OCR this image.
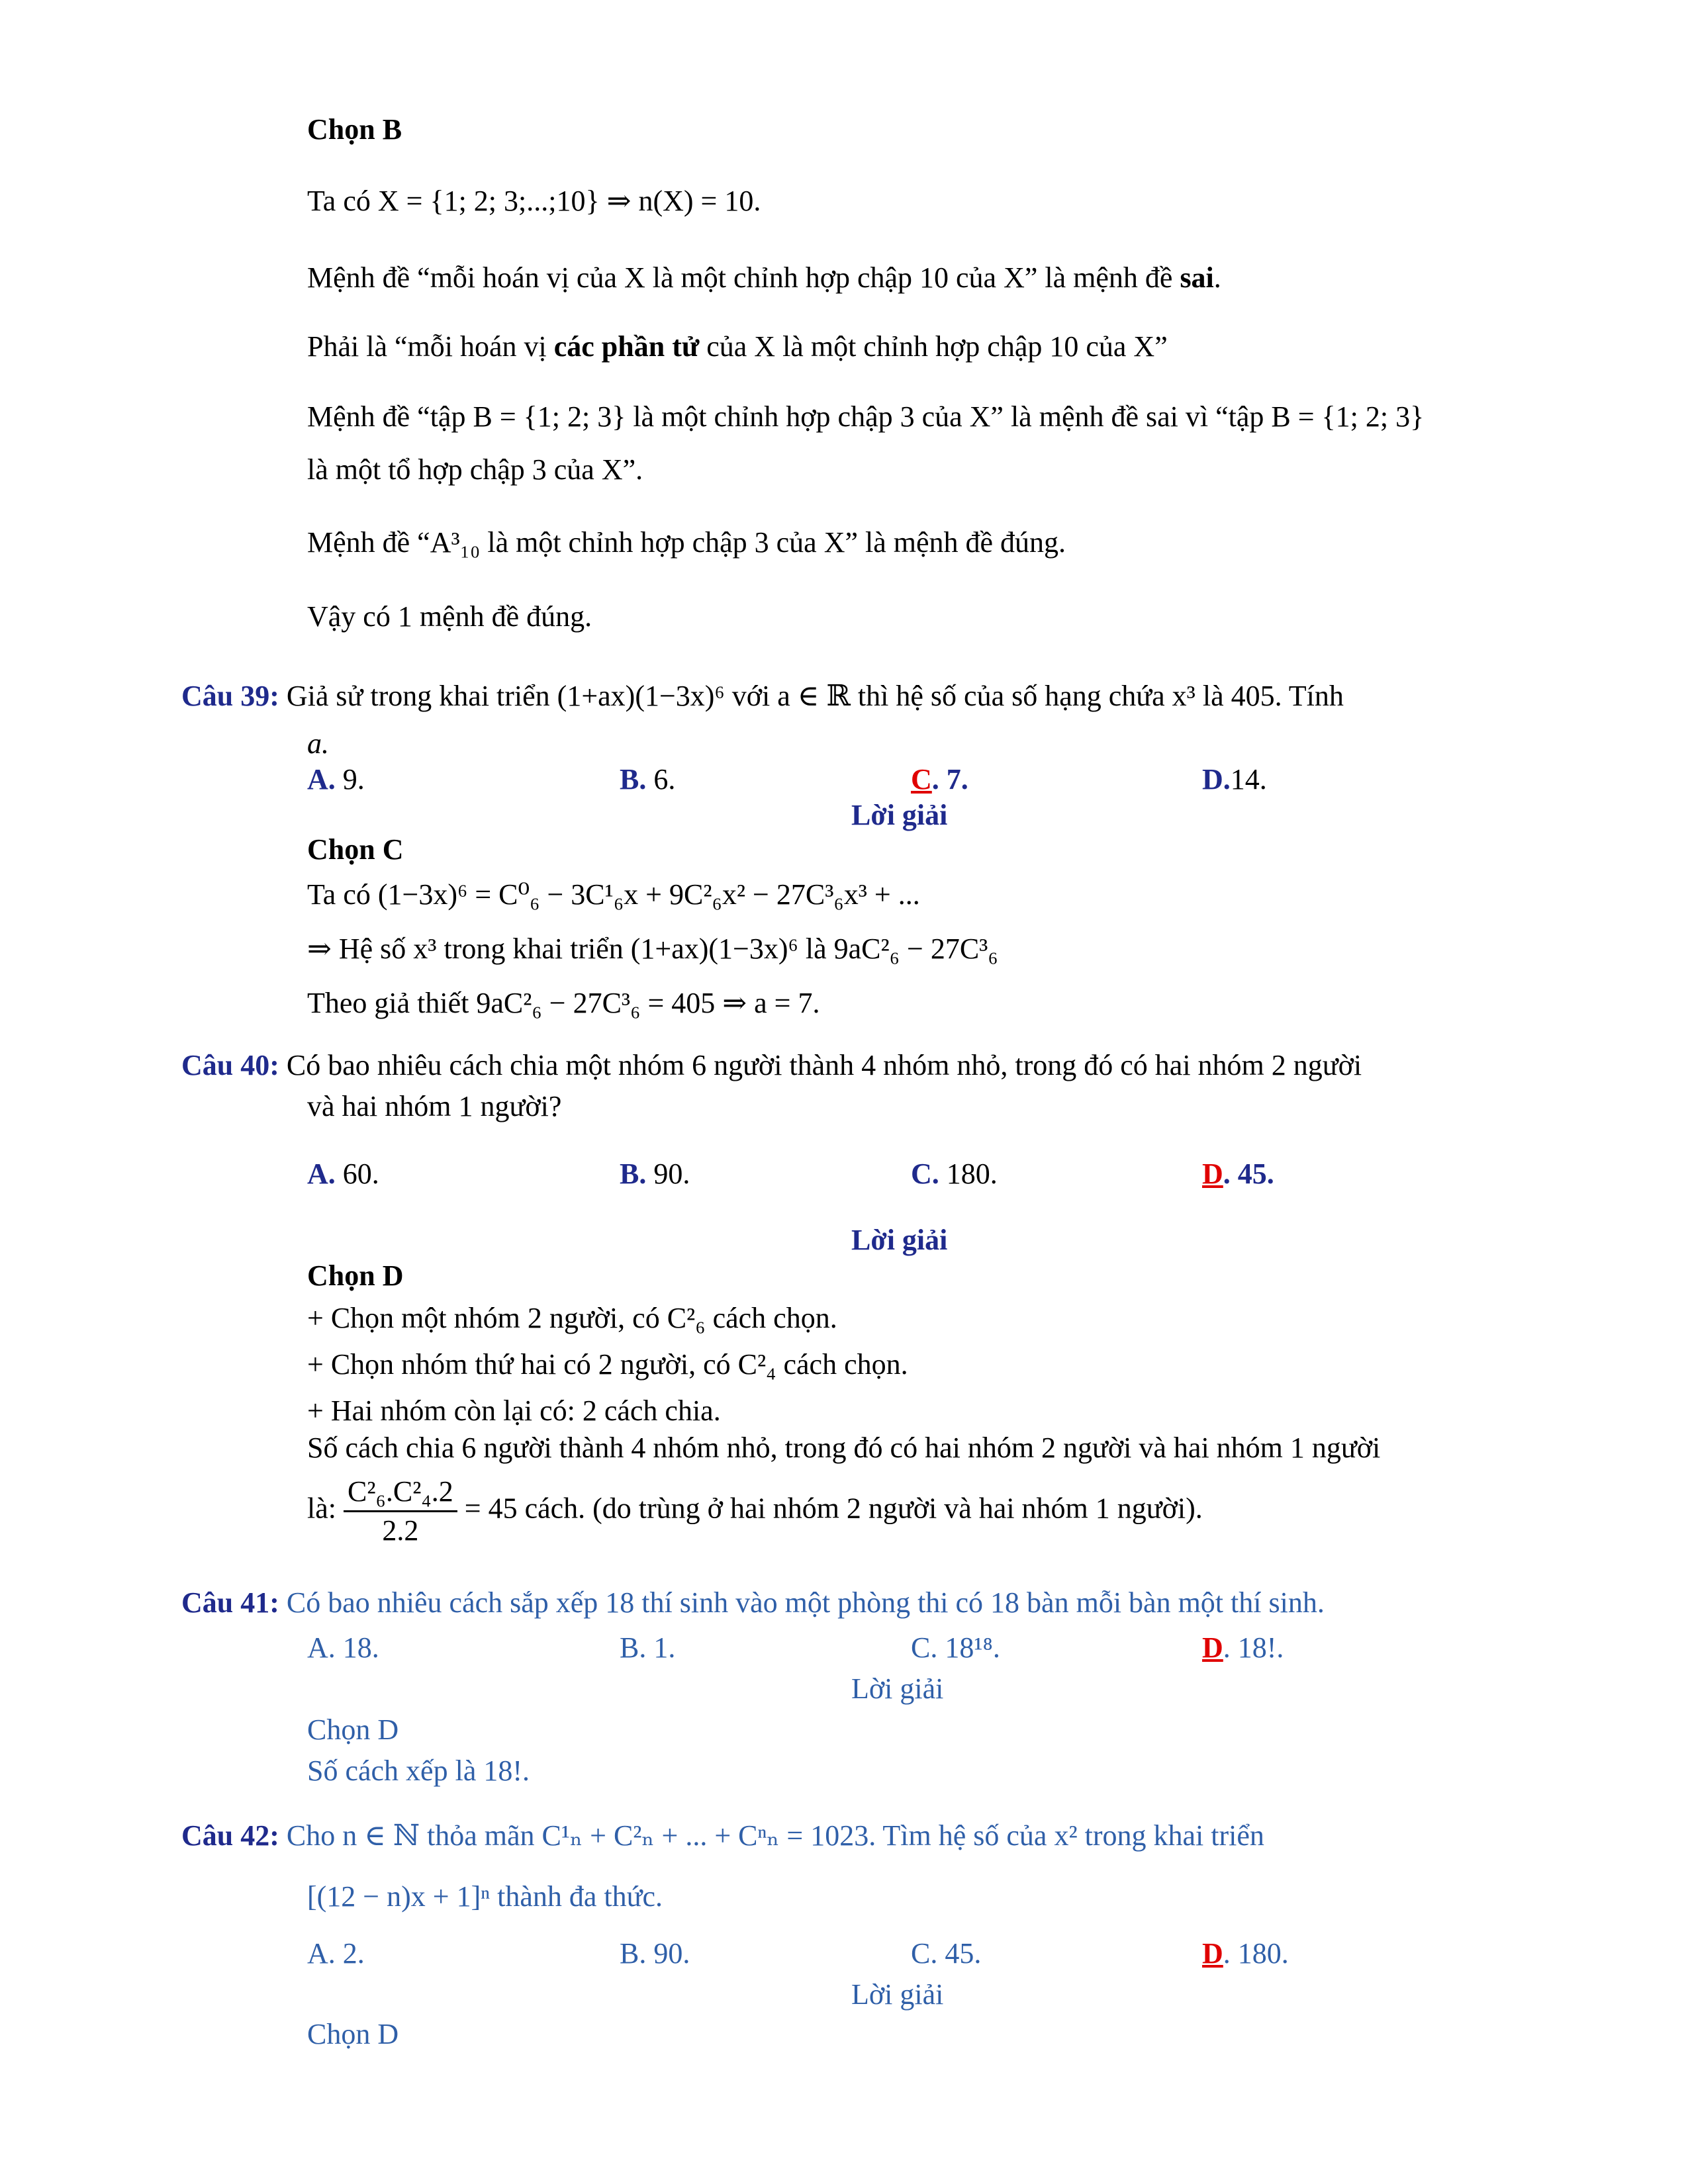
Chọn B
Ta có X = {1; 2; 3;...;10} ⇒ n(X) = 10.
Mệnh đề “mỗi hoán vị của X là một chỉnh hợp chập 10 của X” là mệnh đề sai.
Phải là “mỗi hoán vị các phần tử của X là một chỉnh hợp chập 10 của X”
Mệnh đề “tập B = {1; 2; 3} là một chỉnh hợp chập 3 của X” là mệnh đề sai vì “tập B = {1; 2; 3}
là một tổ hợp chập 3 của X”.
Mệnh đề “A³₁₀ là một chỉnh hợp chập 3 của X” là mệnh đề đúng.
Vậy có 1 mệnh đề đúng.
Câu 39: Giả sử trong khai triển (1+ax)(1−3x)⁶ với a ∈ ℝ thì hệ số của số hạng chứa x³ là 405. Tính
a.
A. 9.	B. 6.	C. 7.	D.14.
Lời giải
Chọn C
Ta có (1−3x)⁶ = C⁰₆ − 3C¹₆x + 9C²₆x² − 27C³₆x³ + ...
⇒ Hệ số x³ trong khai triển (1+ax)(1−3x)⁶ là 9aC²₆ − 27C³₆
Theo giả thiết 9aC²₆ − 27C³₆ = 405 ⇒ a = 7.
Câu 40: Có bao nhiêu cách chia một nhóm 6 người thành 4 nhóm nhỏ, trong đó có hai nhóm 2 người
và hai nhóm 1 người?
A. 60.	B. 90.	C. 180.	D. 45.
Lời giải
Chọn D
+ Chọn một nhóm 2 người, có C²₆ cách chọn.
+ Chọn nhóm thứ hai có 2 người, có C²₄ cách chọn.
+ Hai nhóm còn lại có: 2 cách chia.
Số cách chia 6 người thành 4 nhóm nhỏ, trong đó có hai nhóm 2 người và hai nhóm 1 người
là: $\frac{\text{C²₆.C²₄.2}}{2.2} = 45$ cách. (do trùng ở hai nhóm 2 người và hai nhóm 1 người).
Câu 41: Có bao nhiêu cách sắp xếp 18 thí sinh vào một phòng thi có 18 bàn mỗi bàn một thí sinh.
A. 18.	B. 1.	C. 18¹⁸.	D. 18!.
Lời giải
Chọn D
Số cách xếp là 18!.
Câu 42: Cho n ∈ ℕ thỏa mãn C¹ₙ + C²ₙ + ... + Cⁿₙ = 1023. Tìm hệ số của x² trong khai triển
[(12 − n)x + 1]ⁿ thành đa thức.
A. 2.	B. 90.	C. 45.	D. 180.
Lời giải
Chọn D
